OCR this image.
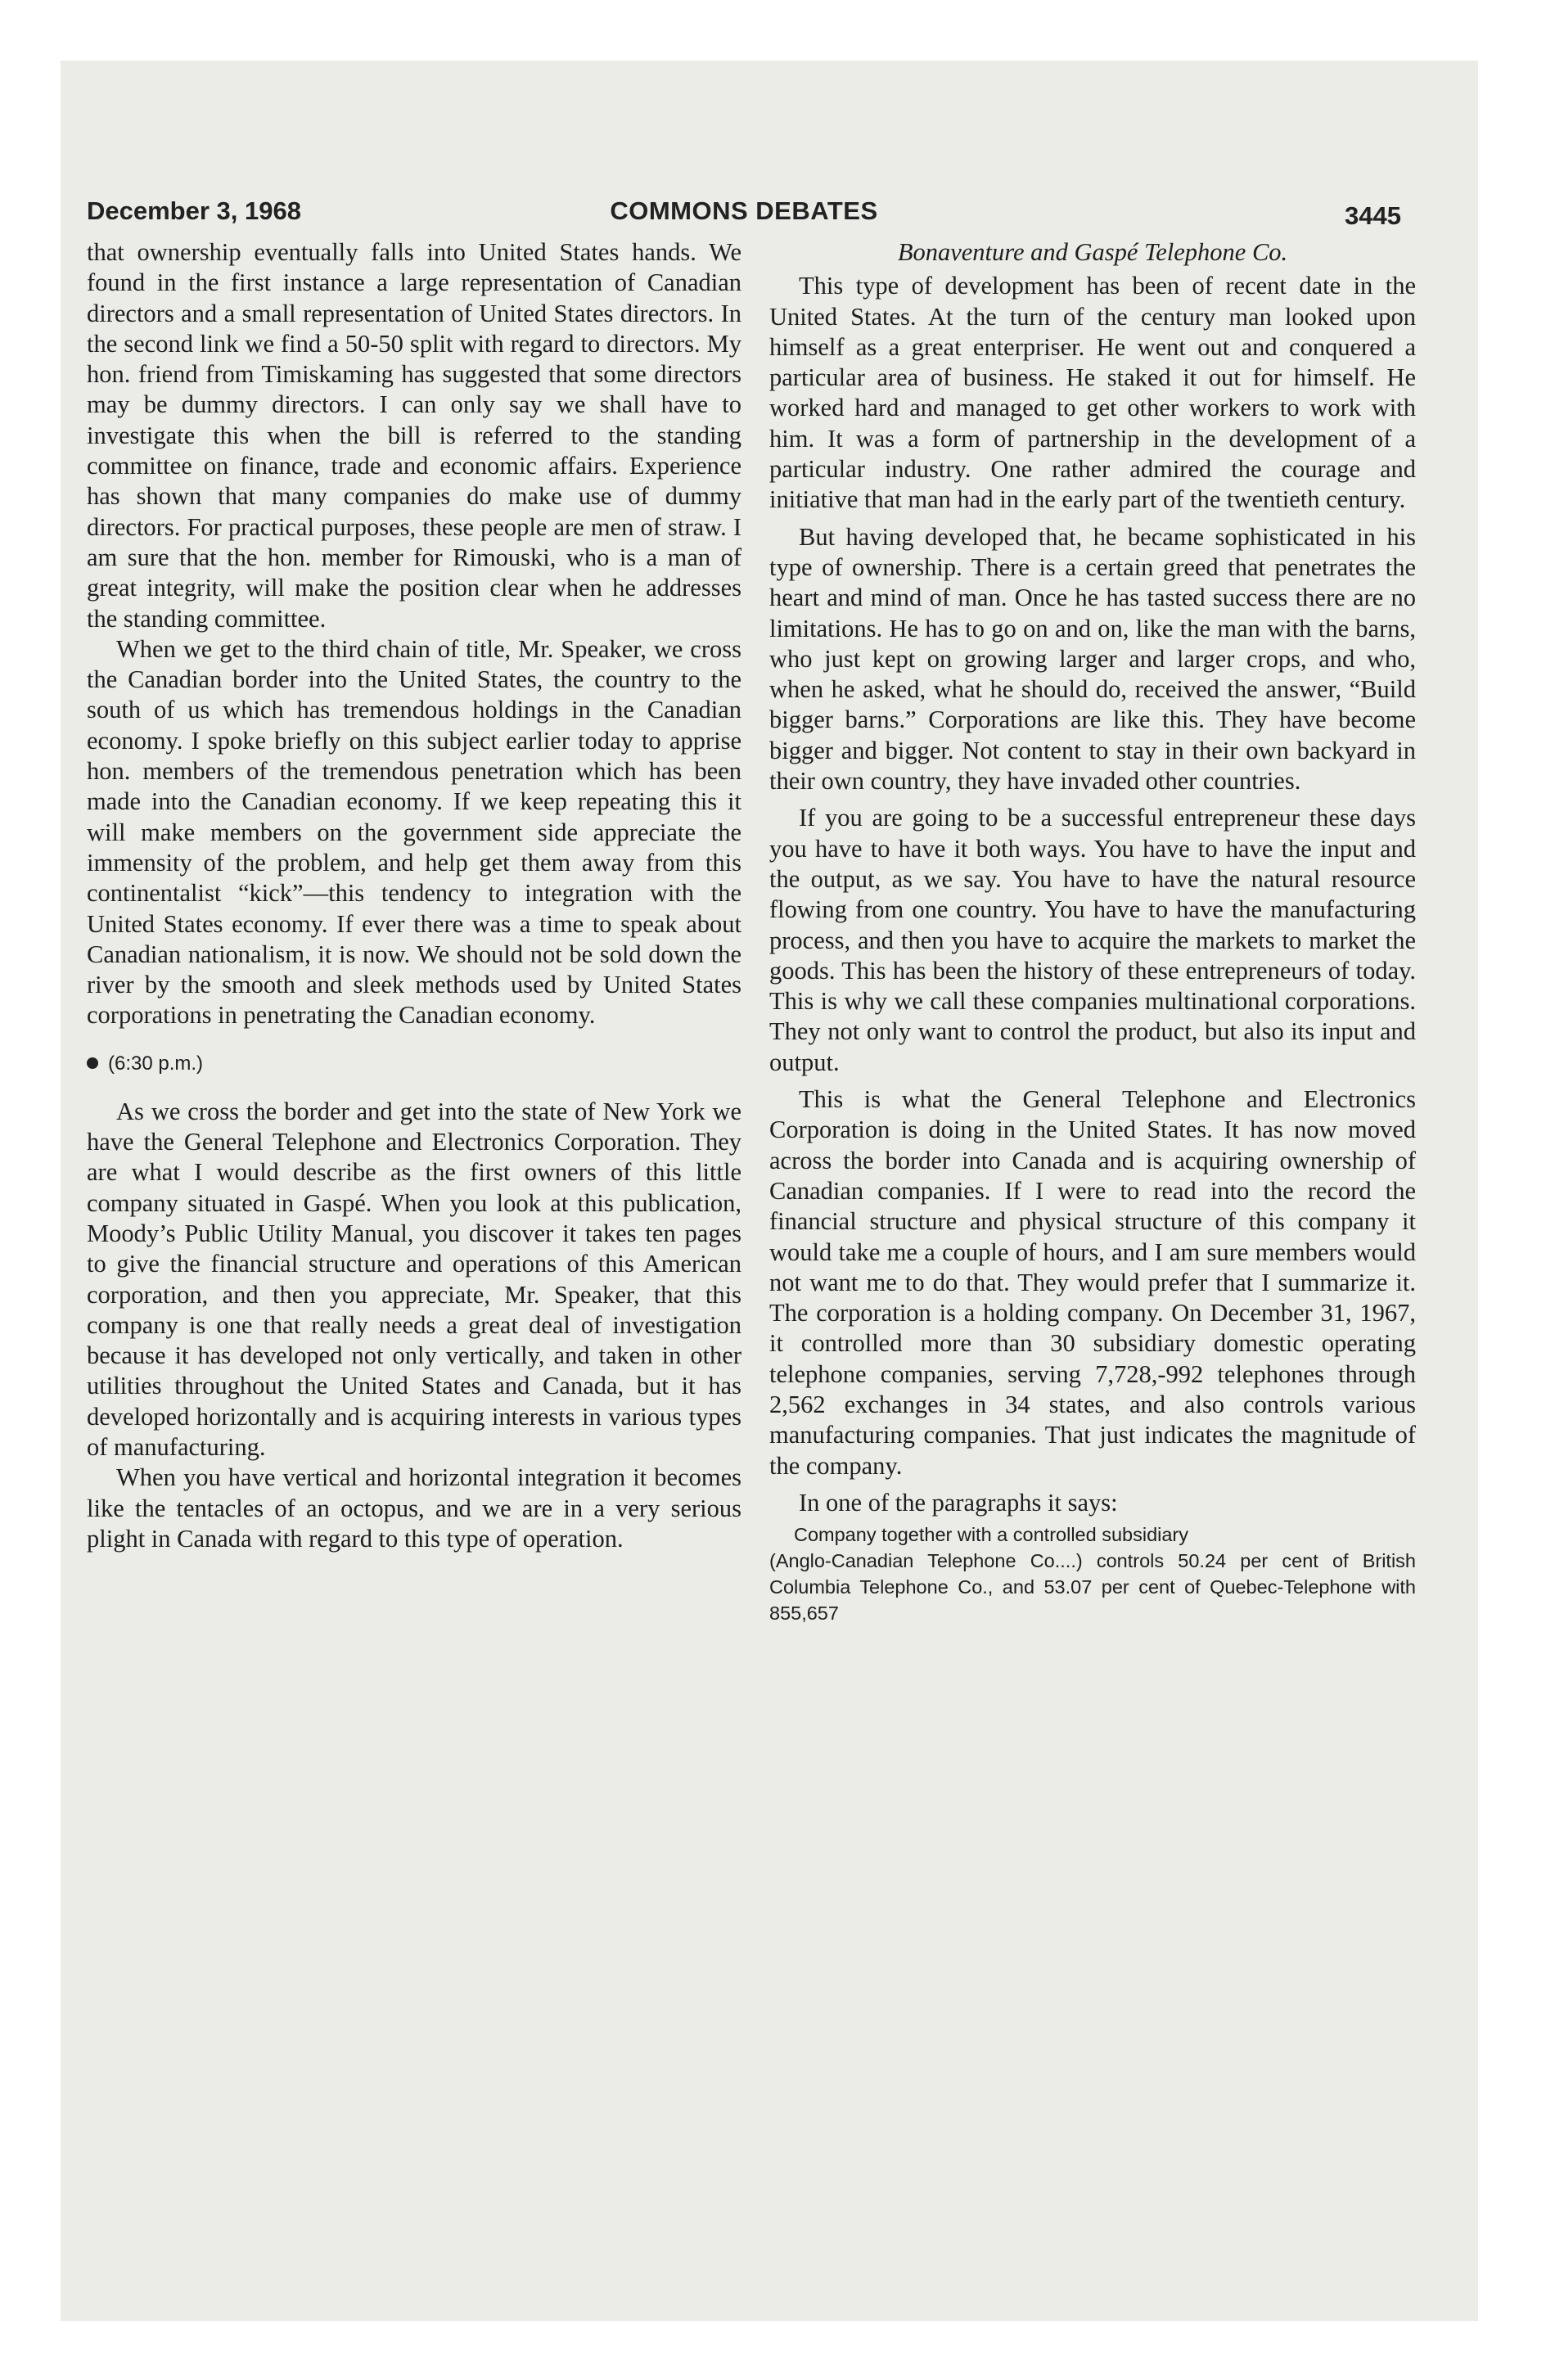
December 3, 1968	COMMONS DEBATES	3445

that ownership eventually falls into United States hands. We found in the first instance a large representation of Canadian directors and a small representation of United States directors. In the second link we find a 50-50 split with regard to directors. My hon. friend from Timiskaming has suggested that some directors may be dummy directors. I can only say we shall have to investigate this when the bill is referred to the standing committee on finance, trade and economic affairs. Experience has shown that many companies do make use of dummy directors. For practical purposes, these people are men of straw. I am sure that the hon. member for Rimouski, who is a man of great integrity, will make the position clear when he addresses the standing committee.

When we get to the third chain of title, Mr. Speaker, we cross the Canadian border into the United States, the country to the south of us which has tremendous holdings in the Canadian economy. I spoke briefly on this subject earlier today to apprise hon. members of the tremendous penetration which has been made into the Canadian economy. If we keep repeating this it will make members on the government side appreciate the immensity of the problem, and help get them away from this continentalist “kick”—this tendency to integration with the United States economy. If ever there was a time to speak about Canadian nationalism, it is now. We should not be sold down the river by the smooth and sleek methods used by United States corporations in penetrating the Canadian economy.

(6:30 p.m.)

As we cross the border and get into the state of New York we have the General Telephone and Electronics Corporation. They are what I would describe as the first owners of this little company situated in Gaspé. When you look at this publication, Moody’s Public Utility Manual, you discover it takes ten pages to give the financial structure and operations of this American corporation, and then you appreciate, Mr. Speaker, that this company is one that really needs a great deal of investigation because it has developed not only vertically, and taken in other utilities throughout the United States and Canada, but it has developed horizontally and is acquiring interests in various types of manufacturing.

When you have vertical and horizontal integration it becomes like the tentacles of an octopus, and we are in a very serious plight in Canada with regard to this type of operation.

Bonaventure and Gaspé Telephone Co.

This type of development has been of recent date in the United States. At the turn of the century man looked upon himself as a great enterpriser. He went out and conquered a particular area of business. He staked it out for himself. He worked hard and managed to get other workers to work with him. It was a form of partnership in the development of a particular industry. One rather admired the courage and initiative that man had in the early part of the twentieth century.

But having developed that, he became sophisticated in his type of ownership. There is a certain greed that penetrates the heart and mind of man. Once he has tasted success there are no limitations. He has to go on and on, like the man with the barns, who just kept on growing larger and larger crops, and who, when he asked, what he should do, received the answer, “Build bigger barns.” Corporations are like this. They have become bigger and bigger. Not content to stay in their own backyard in their own country, they have invaded other countries.

If you are going to be a successful entrepreneur these days you have to have it both ways. You have to have the input and the output, as we say. You have to have the natural resource flowing from one country. You have to have the manufacturing process, and then you have to acquire the markets to market the goods. This has been the history of these entrepreneurs of today. This is why we call these companies multinational corporations. They not only want to control the product, but also its input and output.

This is what the General Telephone and Electronics Corporation is doing in the United States. It has now moved across the border into Canada and is acquiring ownership of Canadian companies. If I were to read into the record the financial structure and physical structure of this company it would take me a couple of hours, and I am sure members would not want me to do that. They would prefer that I summarize it. The corporation is a holding company. On December 31, 1967, it controlled more than 30 subsidiary domestic operating telephone companies, serving 7,728,-992 telephones through 2,562 exchanges in 34 states, and also controls various manufacturing companies. That just indicates the magnitude of the company.

In one of the paragraphs it says:

Company together with a controlled subsidiary
(Anglo-Canadian Telephone Co....) controls 50.24 per cent of British Columbia Telephone Co., and 53.07 per cent of Quebec-Telephone with 855,657
